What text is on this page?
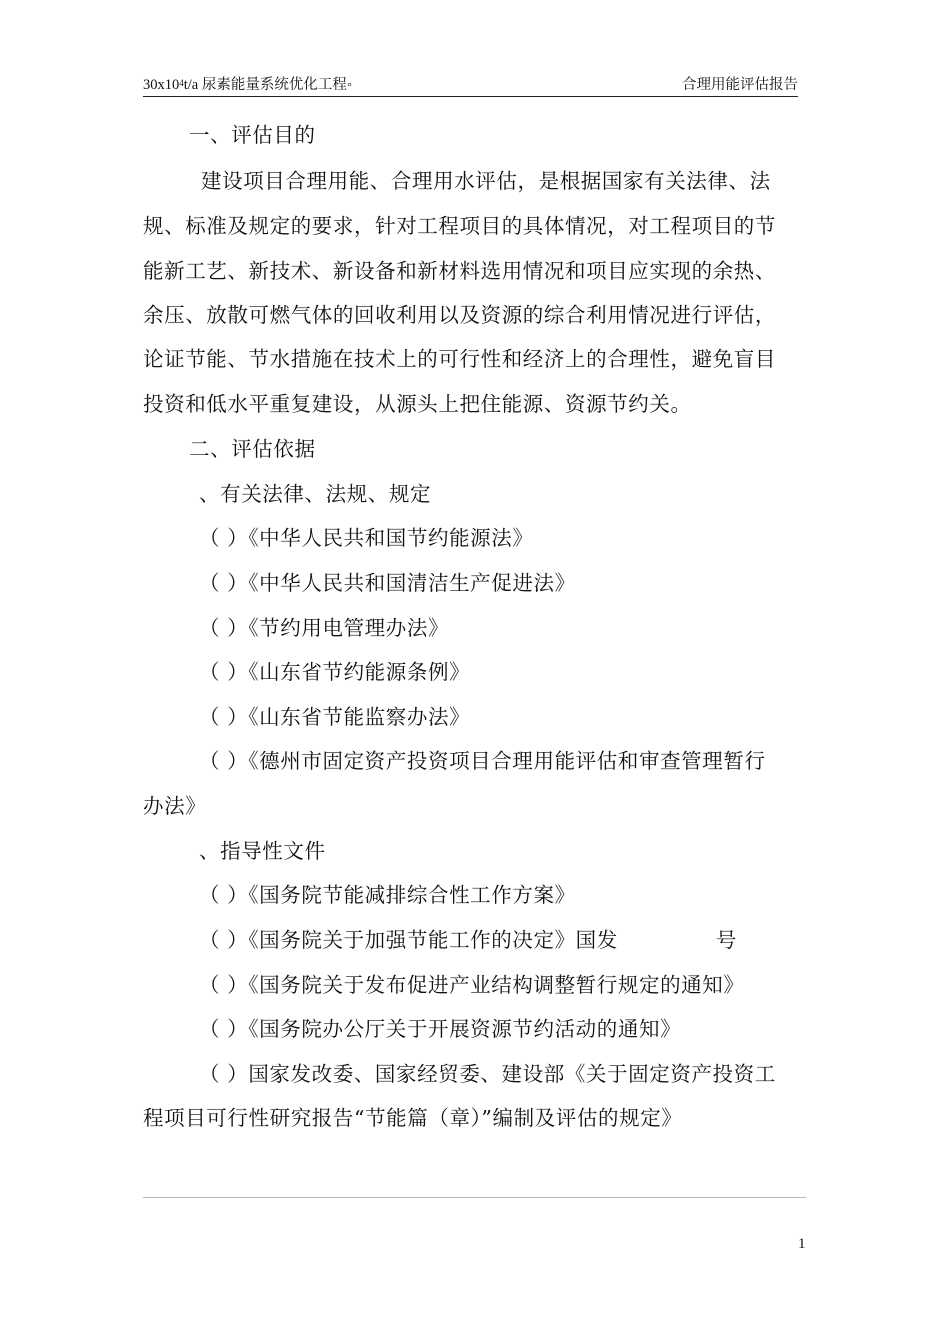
$30x10^4t/a$ 尿素能量系统优化工程◦	合理用能评估报告
一、评估目的
建设项目合理用能、合理用水评估，是根据国家有关法律、法
规、标准及规定的要求，针对工程项目的具体情况，对工程项目的节
能新工艺、新技术、新设备和新材料选用情况和项目应实现的余热、
余压、放散可燃气体的回收利用以及资源的综合利用情况进行评估，
论证节能、节水措施在技术上的可行性和经济上的合理性，避免盲目
投资和低水平重复建设，从源头上把住能源、资源节约关。
二、评估依据
、有关法律、法规、规定
（ ）《中华人民共和国节约能源法》
（ ）《中华人民共和国清洁生产促进法》
（ ）《节约用电管理办法》
（ ）《山东省节约能源条例》
（ ）《山东省节能监察办法》
（ ）《德州市固定资产投资项目合理用能评估和审查管理暂行
办法》
、指导性文件
（ ）《国务院节能减排综合性工作方案》
（ ）《国务院关于加强节能工作的决定》国发	号
（ ）《国务院关于发布促进产业结构调整暂行规定的通知》
（ ）《国务院办公厅关于开展资源节约活动的通知》
（ ）国家发改委、国家经贸委、建设部《关于固定资产投资工
程项目可行性研究报告“节能篇（章）”编制及评估的规定》
1
